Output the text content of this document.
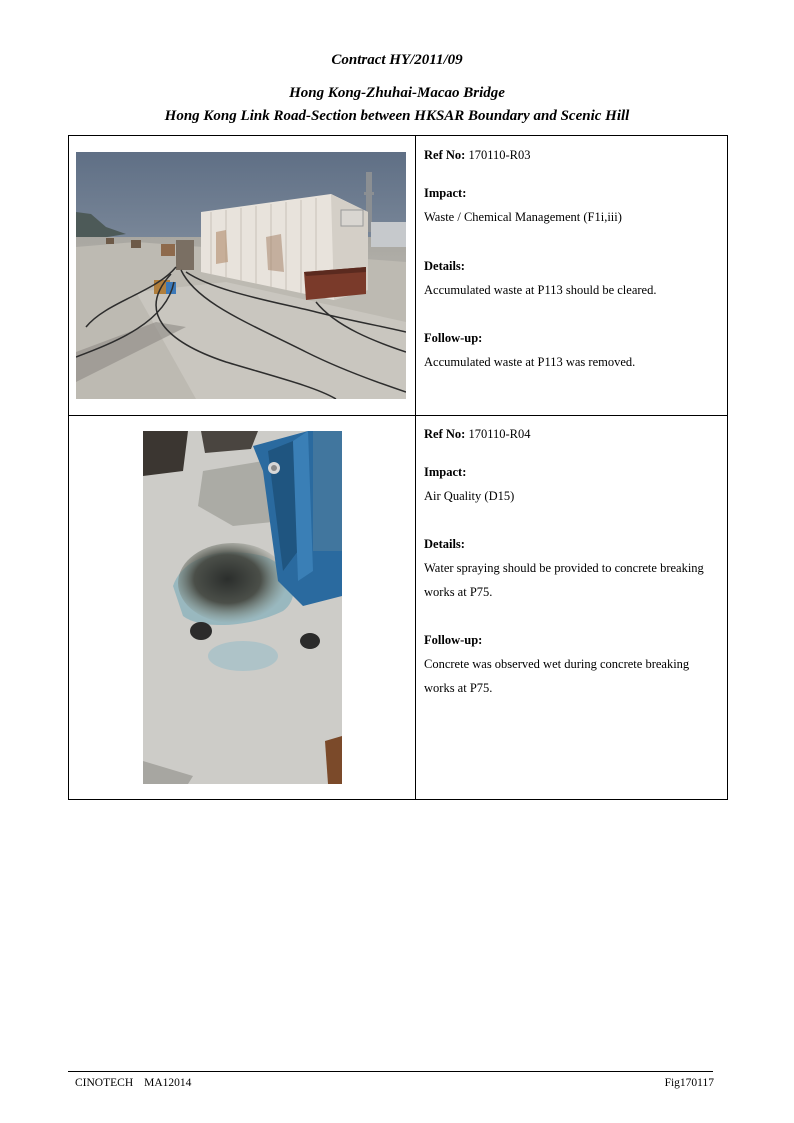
Contract HY/2011/09
Hong Kong-Zhuhai-Macao Bridge
Hong Kong Link Road-Section between HKSAR Boundary and Scenic Hill
Ref No: 170110-R03
Impact:
Waste / Chemical Management (F1i,iii)
Details:
Accumulated waste at P113 should be cleared.
Follow-up:
Accumulated waste at P113 was removed.
Ref No: 170110-R04
Impact:
Air Quality (D15)
Details:
Water spraying should be provided to concrete breaking
works at P75.
Follow-up:
Concrete was observed wet during concrete breaking
works at P75.
CINOTECH MA12014	Fig170117
